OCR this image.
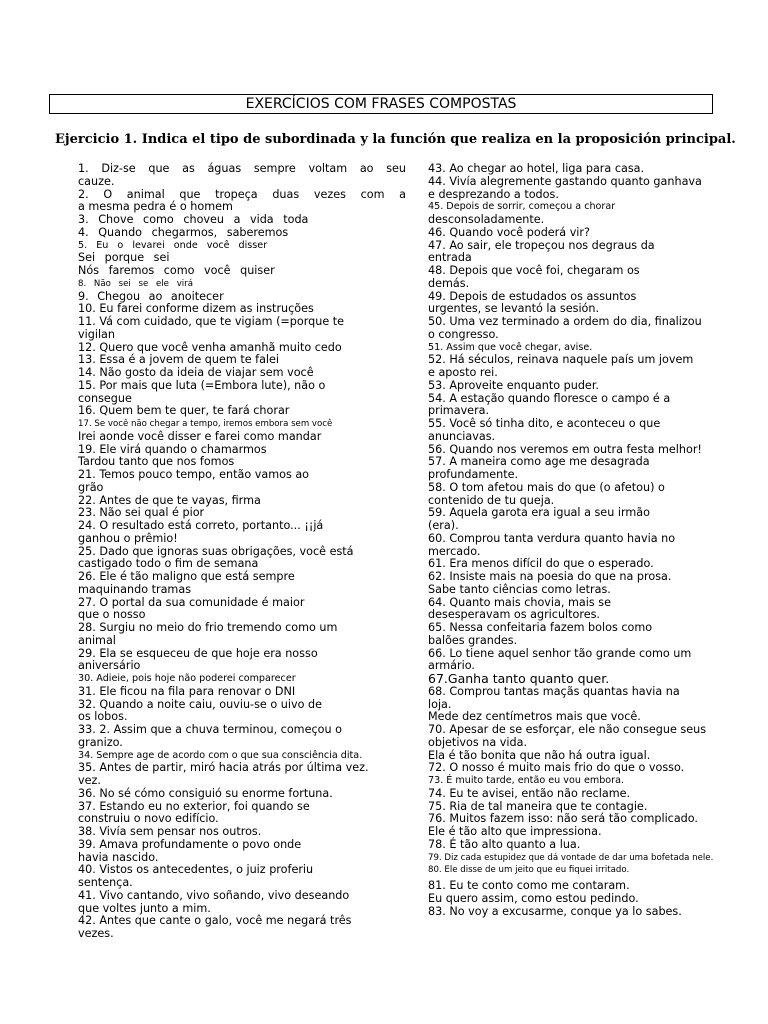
EXERCÍCIOS COM FRASES COMPOSTAS
Ejercicio 1. Indica el tipo de subordinada y la función que realiza en la proposición principal.
1. Diz-se que as águas sempre voltam ao seu
cauze.
2. O animal que tropeça duas vezes com a
a mesma pedra é o homem
3. Chove como choveu a vida toda
4. Quando chegarmos, saberemos
5. Eu o levarei onde você disser
Sei porque sei
Nós faremos como você quiser
8. Não sei se ele virá
9. Chegou ao anoitecer
10. Eu farei conforme dizem as instruções
11. Vá com cuidado, que te vigiam (=porque te
vigilan
12. Quero que você venha amanhã muito cedo
13. Essa é a jovem de quem te falei
14. Não gosto da ideia de viajar sem você
15. Por mais que luta (=Embora lute), não o
consegue
16. Quem bem te quer, te fará chorar
17. Se você não chegar a tempo, iremos embora sem você
Irei aonde você disser e farei como mandar
19. Ele virá quando o chamarmos
Tardou tanto que nos fomos
21. Temos pouco tempo, então vamos ao
grão
22. Antes de que te vayas, firma
23. Não sei qual é pior
24. O resultado está correto, portanto... ¡¡já
ganhou o prêmio!
25. Dado que ignoras suas obrigações, você está
castigado todo o fim de semana
26. Ele é tão maligno que está sempre
maquinando tramas
27. O portal da sua comunidade é maior
que o nosso
28. Surgiu no meio do frio tremendo como um
animal
29. Ela se esqueceu de que hoje era nosso
aniversário
30. Adieie, pois hoje não poderei comparecer
31. Ele ficou na fila para renovar o DNI
32. Quando a noite caiu, ouviu-se o uivo de
os lobos.
33. 2. Assim que a chuva terminou, começou o
granizo.
34. Sempre age de acordo com o que sua consciência dita.
35. Antes de partir, miró hacia atrás por última vez.
vez.
36. No sé cómo consiguió su enorme fortuna.
37. Estando eu no exterior, foi quando se
construiu o novo edifício.
38. Vivía sem pensar nos outros.
39. Amava profundamente o povo onde
havia nascido.
40. Vistos os antecedentes, o juiz proferiu
sentença.
41. Vivo cantando, vivo soñando, vivo deseando
que voltes junto a mim.
42. Antes que cante o galo, você me negará três
vezes.
43. Ao chegar ao hotel, liga para casa.
44. Vivía alegremente gastando quanto ganhava
e desprezando a todos.
45. Depois de sorrir, começou a chorar
desconsoladamente.
46. Quando você poderá vir?
47. Ao sair, ele tropeçou nos degraus da
entrada
48. Depois que você foi, chegaram os
demás.
49. Depois de estudados os assuntos
urgentes, se levantó la sesión.
50. Uma vez terminado a ordem do dia, finalizou
o congresso.
51. Assim que você chegar, avise.
52. Há séculos, reinava naquele país um jovem
e aposto rei.
53. Aproveite enquanto puder.
54. A estação quando floresce o campo é a
primavera.
55. Você só tinha dito, e aconteceu o que
anunciavas.
56. Quando nos veremos em outra festa melhor!
57. A maneira como age me desagrada
profundamente.
58. O tom afetou mais do que (o afetou) o
contenido de tu queja.
59. Aquela garota era igual a seu irmão
(era).
60. Comprou tanta verdura quanto havia no
mercado.
61. Era menos difícil do que o esperado.
62. Insiste mais na poesia do que na prosa.
Sabe tanto ciências como letras.
64. Quanto mais chovia, mais se
desesperavam os agricultores.
65. Nessa confeitaria fazem bolos como
balões grandes.
66. Lo tiene aquel senhor tão grande como um
armário.
67.Ganha tanto quanto quer.
68. Comprou tantas maçãs quantas havia na
loja.
Mede dez centímetros mais que você.
70. Apesar de se esforçar, ele não consegue seus
objetivos na vida.
Ela é tão bonita que não há outra igual.
72. O nosso é muito mais frio do que o vosso.
73. É muito tarde, então eu vou embora.
74. Eu te avisei, então não reclame.
75. Ria de tal maneira que te contagie.
76. Muitos fazem isso: não será tão complicado.
Ele é tão alto que impressiona.
78. É tão alto quanto a lua.
79. Diz cada estupidez que dá vontade de dar uma bofetada nele.
80. Ele disse de um jeito que eu fiquei irritado.
81. Eu te conto como me contaram.
Eu quero assim, como estou pedindo.
83. No voy a excusarme, conque ya lo sabes.
